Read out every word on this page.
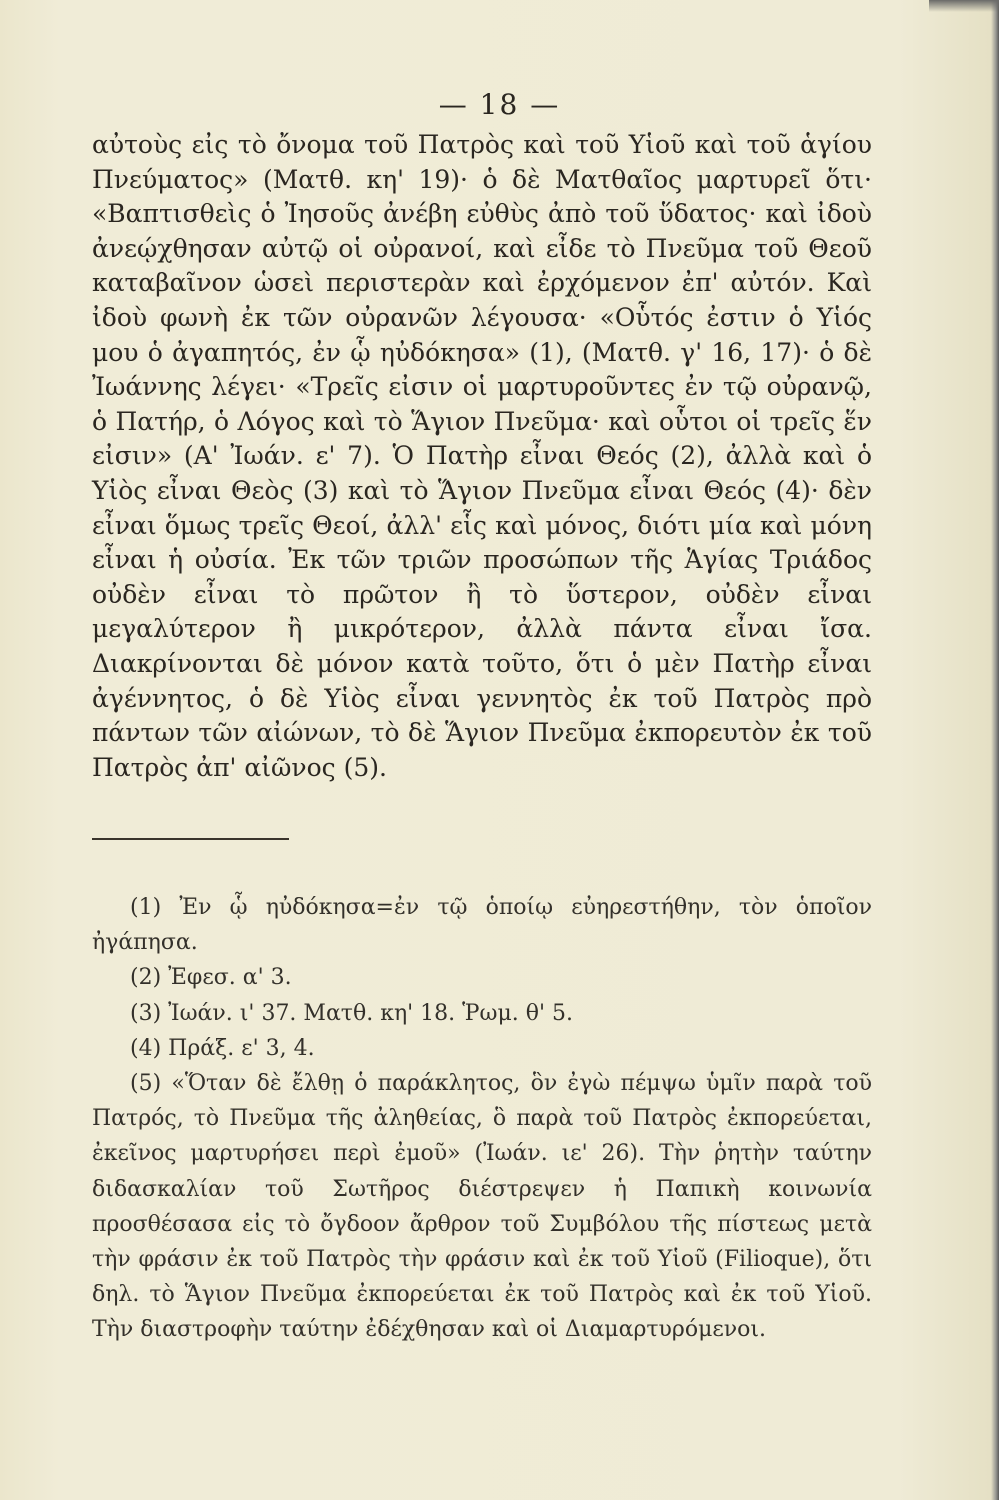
— 18 —

αὐτοὺς εἰς τὸ ὄνομα τοῦ Πατρὸς καὶ τοῦ Υἱοῦ καὶ τοῦ ἁγίου Πνεύματος» (Ματθ. κη' 19)· ὁ δὲ Ματθαῖος μαρτυρεῖ ὅτι· «Βαπτισθεὶς ὁ Ἰησοῦς ἀνέβη εὐθὺς ἀπὸ τοῦ ὕδατος· καὶ ἰδοὺ ἀνεῴχθησαν αὐτῷ οἱ οὐρανοί, καὶ εἶδε τὸ Πνεῦμα τοῦ Θεοῦ καταβαῖνον ὡσεὶ περιστερὰν καὶ ἐρχόμενον ἐπ' αὐτόν. Καὶ ἰδοὺ φωνὴ ἐκ τῶν οὐρανῶν λέγουσα· «Οὗτός ἐστιν ὁ Υἱός μου ὁ ἀγαπητός, ἐν ᾧ ηὐδόκησα» (1), (Ματθ. γ' 16, 17)· ὁ δὲ Ἰωάννης λέγει· «Τρεῖς εἰσιν οἱ μαρτυροῦντες ἐν τῷ οὐρανῷ, ὁ Πατήρ, ὁ Λόγος καὶ τὸ Ἅγιον Πνεῦμα· καὶ οὗτοι οἱ τρεῖς ἕν εἰσιν» (Α' Ἰωάν. ε' 7). Ὁ Πατὴρ εἶναι Θεός (2), ἀλλὰ καὶ ὁ Υἱὸς εἶναι Θεὸς (3) καὶ τὸ Ἅγιον Πνεῦμα εἶναι Θεός (4)· δὲν εἶναι ὅμως τρεῖς Θεοί, ἀλλ' εἷς καὶ μόνος, διότι μία καὶ μόνη εἶναι ἡ οὐσία. Ἐκ τῶν τριῶν προσώπων τῆς Ἁγίας Τριάδος οὐδὲν εἶναι τὸ πρῶτον ἢ τὸ ὕστερον, οὐδὲν εἶναι μεγαλύτερον ἢ μικρότερον, ἀλλὰ πάντα εἶναι ἴσα. Διακρίνονται δὲ μόνον κατὰ τοῦτο, ὅτι ὁ μὲν Πατὴρ εἶναι ἀγέννητος, ὁ δὲ Υἱὸς εἶναι γεννητὸς ἐκ τοῦ Πατρὸς πρὸ πάντων τῶν αἰώνων, τὸ δὲ Ἅγιον Πνεῦμα ἐκπορευτὸν ἐκ τοῦ Πατρὸς ἀπ' αἰῶνος (5).

(1) Ἐν ᾧ ηὐδόκησα=ἐν τῷ ὁποίῳ εὐηρεστήθην, τὸν ὁποῖον ἠγάπησα.

(2) Ἐφεσ. α' 3.

(3) Ἰωάν. ι' 37. Ματθ. κη' 18. Ῥωμ. θ' 5.

(4) Πράξ. ε' 3, 4.

(5) «Ὅταν δὲ ἔλθῃ ὁ παράκλητος, ὃν ἐγὼ πέμψω ὑμῖν παρὰ τοῦ Πατρός, τὸ Πνεῦμα τῆς ἀληθείας, ὃ παρὰ τοῦ Πατρὸς ἐκπορεύεται, ἐκεῖνος μαρτυρήσει περὶ ἐμοῦ» (Ἰωάν. ιε' 26). Τὴν ῥητὴν ταύτην διδασκαλίαν τοῦ Σωτῆρος διέστρεψεν ἡ Παπικὴ κοινωνία προσθέσασα εἰς τὸ ὄγδοον ἄρθρον τοῦ Συμβόλου τῆς πίστεως μετὰ τὴν φράσιν ἐκ τοῦ Πατρὸς τὴν φράσιν καὶ ἐκ τοῦ Υἱοῦ (Filioque), ὅτι δηλ. τὸ Ἅγιον Πνεῦμα ἐκπορεύεται ἐκ τοῦ Πατρὸς καὶ ἐκ τοῦ Υἱοῦ. Τὴν διαστροφὴν ταύτην ἐδέχθησαν καὶ οἱ Διαμαρτυρόμενοι.
